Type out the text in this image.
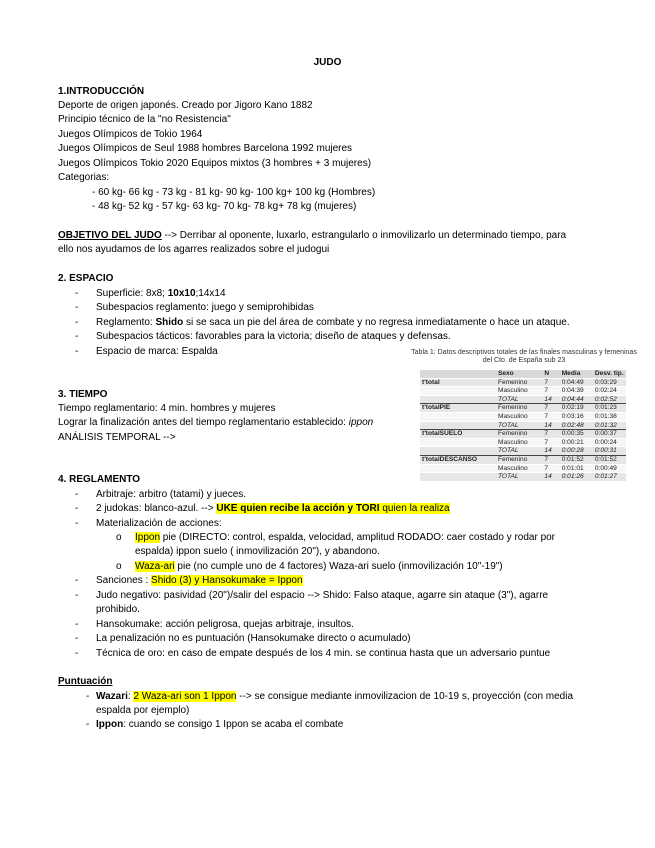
JUDO
1.INTRODUCCIÓN
Deporte de origen japonés. Creado por Jigoro Kano 1882
Principio técnico de la "no Resistencia"
Juegos Olímpicos de Tokio 1964
Juegos Olímpicos de Seul 1988 hombres Barcelona 1992 mujeres
Juegos Olímpicos Tokio 2020 Equipos mixtos (3 hombres + 3 mujeres)
Categorias:
- 60 kg- 66 kg - 73 kg - 81 kg- 90 kg- 100 kg+ 100 kg (Hombres)
- 48 kg- 52 kg - 57 kg- 63 kg- 70 kg- 78 kg+ 78 kg (mujeres)
OBJETIVO DEL JUDO --> Derribar al oponente, luxarlo, estrangularlo o inmovilizarlo un determinado tiempo, para
ello nos ayudamos de los agarres realizados sobre el judogui
2. ESPACIO
- Superficie: 8x8; 10x10;14x14
- Subespacios reglamento: juego y semiprohibidas
- Reglamento: Shido si se saca un pie del área de combate y no regresa inmediatamente o hace un ataque.
- Subespacios tácticos: favorables para la victoria; diseño de ataques y defensas.
- Espacio de marca: Espalda	Tabla 1: Datos descriptivos totales de las finales masculinas y femeninas del Cto. de España sub 23
	Sexo	N	Media	Desv. tip.
t'total	Femenino	7	0:04:49	0:03:29
	Masculino	7	0:04:39	0:02:24
	TOTAL	14	0:04:44	0:02:52
t'totalPIE	Femenino	7	0:02:19	0:01:23
	Masculino	7	0:03:16	0:01:38
	TOTAL	14	0:02:48	0:01:32
t'totalSUELO	Femenino	7	0:00:35	0:00:37
	Masculino	7	0:00:21	0:00:24
	TOTAL	14	0:00:28	0:00:31
t'totalDESCANSO	Femenino	7	0:01:52	0:01:52
	Masculino	7	0:01:01	0:00:49
	TOTAL	14	0:01:26	0:01:27
3. TIEMPO
Tiempo reglamentario: 4 min. hombres y mujeres
Lograr la finalización antes del tiempo reglamentario establecido: ippon
ANÁLISIS TEMPORAL -->
4. REGLAMENTO
- Arbitraje: arbitro (tatami) y jueces.
- 2 judokas: blanco-azul. --> UKE quien recibe la acción y TORI quien la realiza
- Materialización de acciones:
o Ippon pie (DIRECTO: control, espalda, velocidad, amplitud RODADO: caer costado y rodar por
espalda) ippon suelo ( inmovilización 20"), y abandono.
o Waza-ari pie (no cumple uno de 4 factores) Waza-ari suelo (inmovilización 10"-19")
- Sanciones : Shido (3) y Hansokumake = Ippon
- Judo negativo: pasividad (20")/salir del espacio --> Shido: Falso ataque, agarre sin ataque (3"), agarre
prohibido.
- Hansokumake: acción peligrosa, quejas arbitraje, insultos.
- La penalización no es puntuación (Hansokumake directo o acumulado)
- Técnica de oro: en caso de empate después de los 4 min. se continua hasta que un adversario puntue
Puntuación
- Wazari: 2 Waza-ari son 1 Ippon --> se consigue mediante inmovilizacion de 10-19 s, proyección (con media
espalda por ejemplo)
- Ippon: cuando se consigo 1 Ippon se acaba el combate
